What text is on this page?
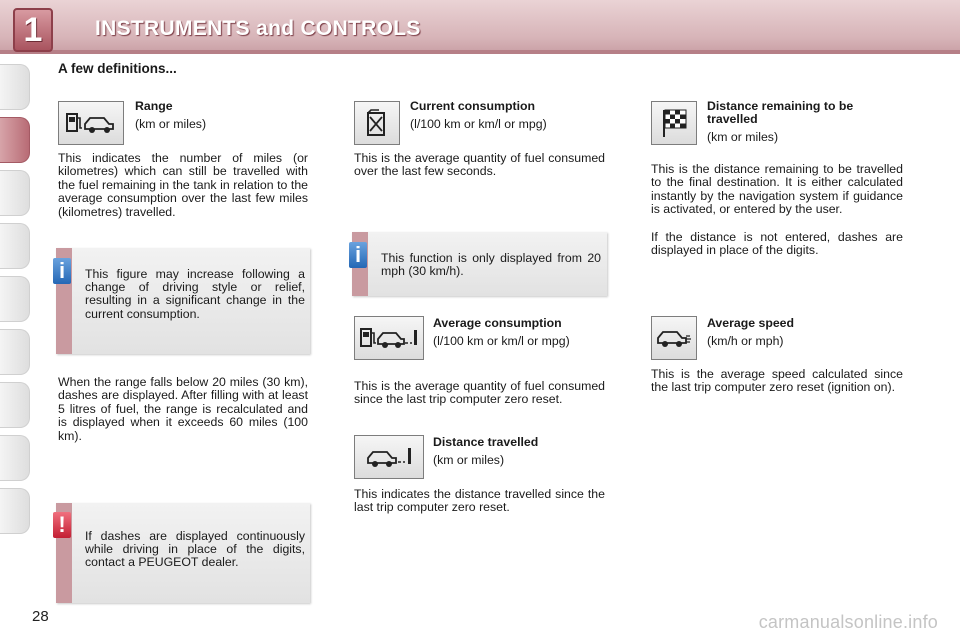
1	INSTRUMENTS and CONTROLS
A few definitions...
Range
(km or miles)
This indicates the number of miles (or kilometres) which can still be travelled with the fuel remaining in the tank in relation to the average consumption over the last few miles (kilometres) travelled.
i	This figure may increase following a change of driving style or relief, resulting in a significant change in the current consumption.
When the range falls below 20 miles (30 km), dashes are displayed. After filling with at least 5 litres of fuel, the range is recalculated and is displayed when it exceeds 60 miles (100 km).
!	If dashes are displayed continuously while driving in place of the digits, contact a PEUGEOT dealer.
Current consumption
(l/100 km or km/l or mpg)
This is the average quantity of fuel consumed over the last few seconds.
i	This function is only displayed from 20 mph (30 km/h).
Average consumption
(l/100 km or km/l or mpg)
This is the average quantity of fuel consumed since the last trip computer zero reset.
Distance travelled
(km or miles)
This indicates the distance travelled since the last trip computer zero reset.
Distance remaining to be travelled
(km or miles)
This is the distance remaining to be travelled to the final destination. It is either calculated instantly by the navigation system if guidance is activated, or entered by the user.
If the distance is not entered, dashes are displayed in place of the digits.
Average speed
(km/h or mph)
This is the average speed calculated since the last trip computer zero reset (ignition on).
28	carmanualsonline.info
